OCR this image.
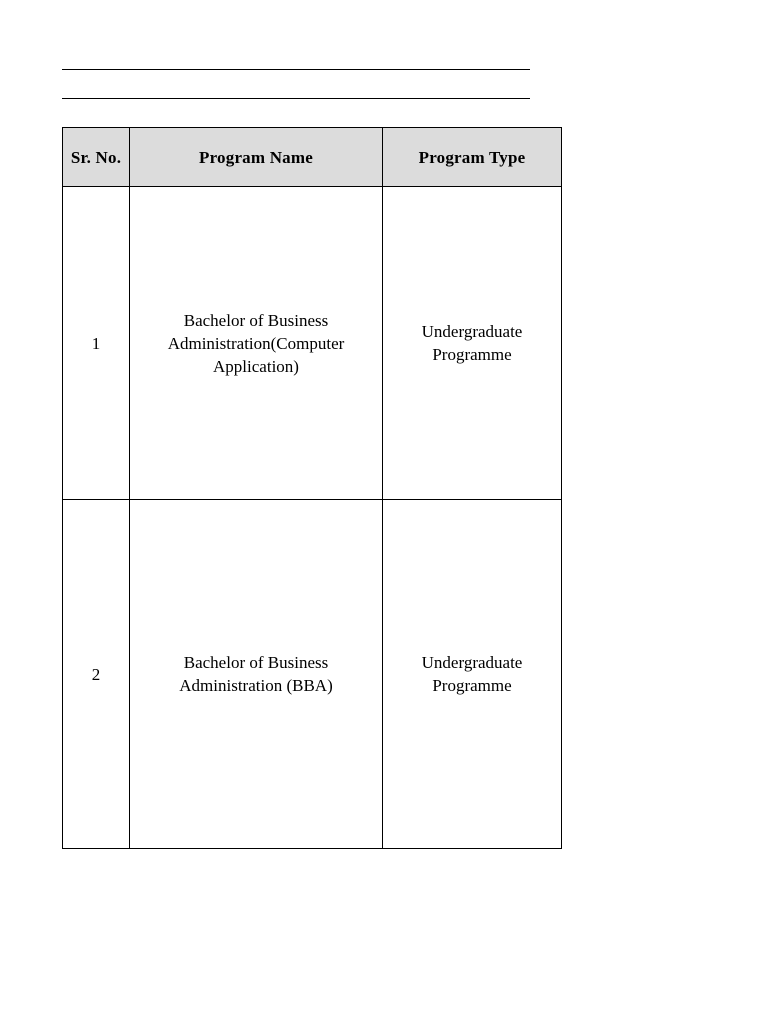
Sr. No.	Program Name	Program Type
1	Bachelor of Business Administration(Computer Application)	Undergraduate Programme
2	Bachelor of Business Administration (BBA)	Undergraduate Programme
